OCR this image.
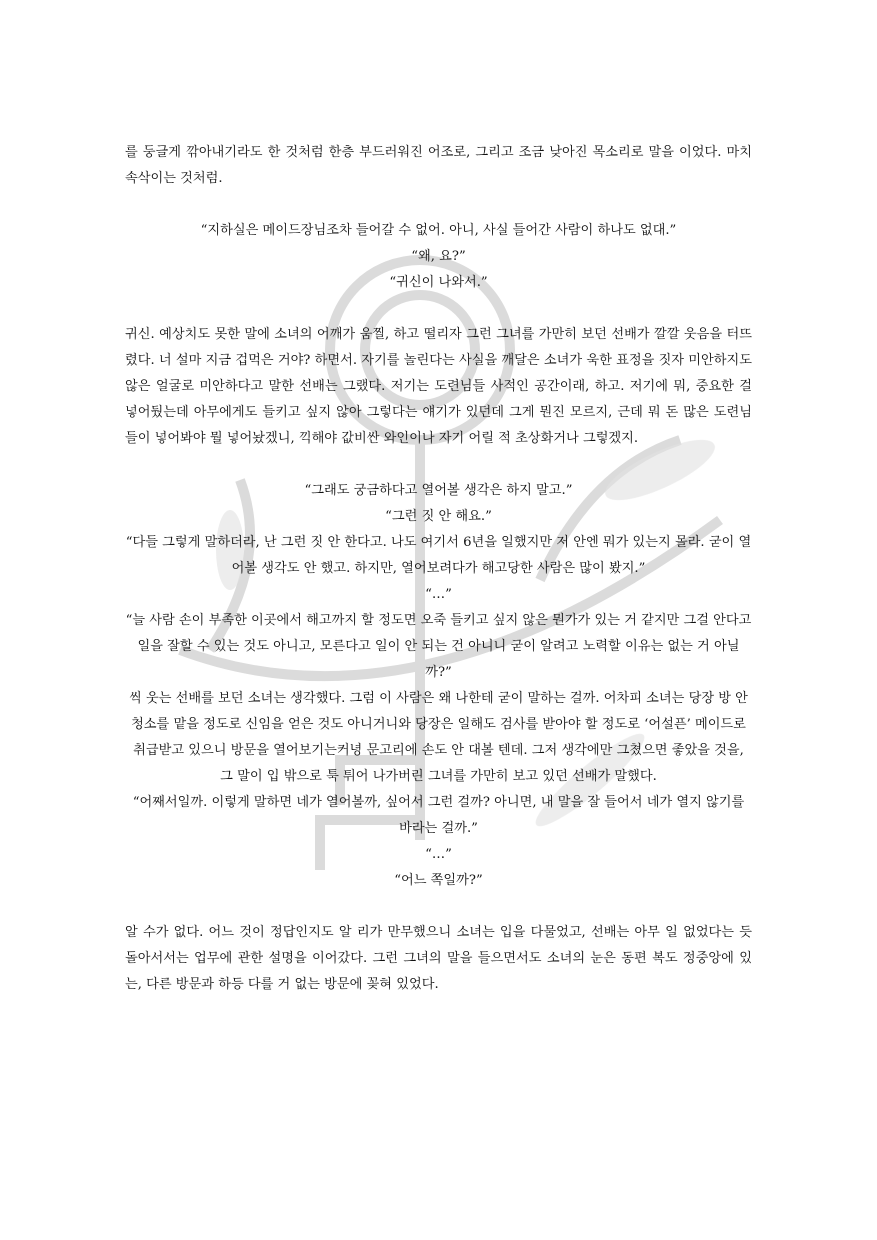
를 둥글게 깎아내기라도 한 것처럼 한층 부드러워진 어조로, 그리고 조금 낮아진 목소리로 말을 이었다. 마치 속삭이는 것처럼.

“지하실은 메이드장님조차 들어갈 수 없어. 아니, 사실 들어간 사람이 하나도 없대.”

“왜, 요?”

“귀신이 나와서.”

귀신. 예상치도 못한 말에 소녀의 어깨가 움찔, 하고 떨리자 그런 그녀를 가만히 보던 선배가 깔깔 웃음을 터뜨렸다. 너 설마 지금 겁먹은 거야? 하면서. 자기를 놀린다는 사실을 깨달은 소녀가 욱한 표정을 짓자 미안하지도 않은 얼굴로 미안하다고 말한 선배는 그랬다. 저기는 도련님들 사적인 공간이래, 하고. 저기에 뭐, 중요한 걸 넣어뒀는데 아무에게도 들키고 싶지 않아 그렇다는 얘기가 있던데 그게 뭔진 모르지, 근데 뭐 돈 많은 도련님들이 넣어봐야 뭘 넣어놨겠니, 끽해야 값비싼 와인이나 자기 어릴 적 초상화거나 그렇겠지.

“그래도 궁금하다고 열어볼 생각은 하지 말고.”

“그런 짓 안 해요.”

“다들 그렇게 말하더라, 난 그런 짓 안 한다고. 나도 여기서 6년을 일했지만 저 안엔 뭐가 있는지 몰라. 굳이 열어볼 생각도 안 했고. 하지만, 열어보려다가 해고당한 사람은 많이 봤지.”

“…”

“늘 사람 손이 부족한 이곳에서 해고까지 할 정도면 오죽 들키고 싶지 않은 뭔가가 있는 거 같지만 그걸 안다고 일을 잘할 수 있는 것도 아니고, 모른다고 일이 안 되는 건 아니니 굳이 알려고 노력할 이유는 없는 거 아닐까?”

씩 웃는 선배를 보던 소녀는 생각했다. 그럼 이 사람은 왜 나한테 굳이 말하는 걸까. 어차피 소녀는 당장 방 안 청소를 맡을 정도로 신임을 얻은 것도 아니거니와 당장은 일해도 검사를 받아야 할 정도로 ‘어설픈’ 메이드로 취급받고 있으니 방문을 열어보기는커녕 문고리에 손도 안 대볼 텐데. 그저 생각에만 그쳤으면 좋았을 것을, 그 말이 입 밖으로 툭 튀어 나가버린 그녀를 가만히 보고 있던 선배가 말했다.

“어째서일까. 이렇게 말하면 네가 열어볼까, 싶어서 그런 걸까? 아니면, 내 말을 잘 들어서 네가 열지 않기를 바라는 걸까.”

“…”

“어느 쪽일까?”

알 수가 없다. 어느 것이 정답인지도 알 리가 만무했으니 소녀는 입을 다물었고, 선배는 아무 일 없었다는 듯 돌아서서는 업무에 관한 설명을 이어갔다. 그런 그녀의 말을 들으면서도 소녀의 눈은 동편 복도 정중앙에 있는, 다른 방문과 하등 다를 거 없는 방문에 꽂혀 있었다.
